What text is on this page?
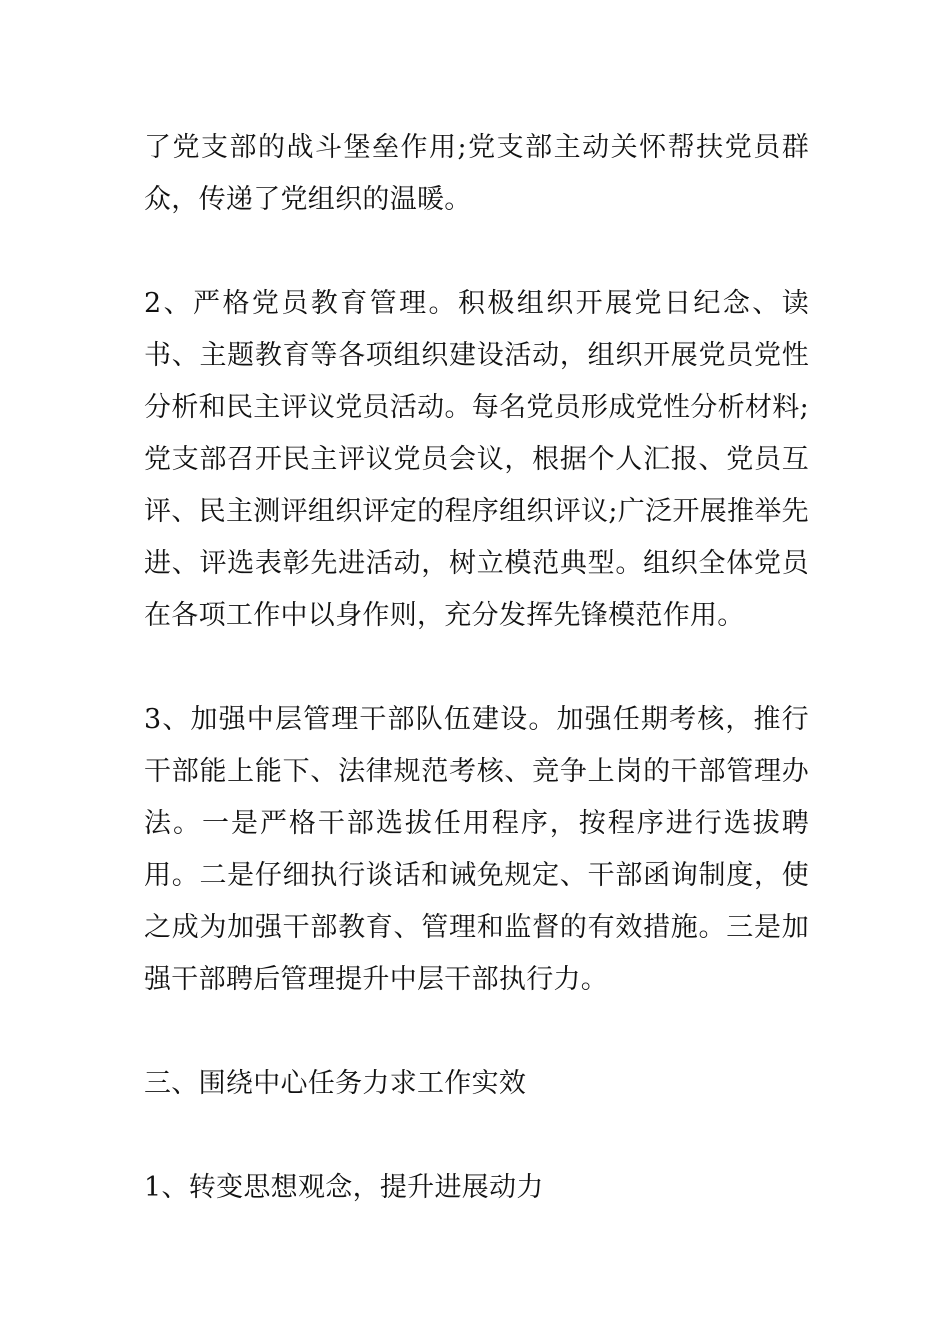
了党支部的战斗堡垒作用;党支部主动关怀帮扶党员群众，传递了党组织的温暖。

2、严格党员教育管理。积极组织开展党日纪念、读书、主题教育等各项组织建设活动，组织开展党员党性分析和民主评议党员活动。每名党员形成党性分析材料;党支部召开民主评议党员会议，根据个人汇报、党员互评、民主测评组织评定的程序组织评议;广泛开展推举先进、评选表彰先进活动，树立模范典型。组织全体党员在各项工作中以身作则，充分发挥先锋模范作用。

3、加强中层管理干部队伍建设。加强任期考核，推行干部能上能下、法律规范考核、竞争上岗的干部管理办法。一是严格干部选拔任用程序，按程序进行选拔聘用。二是仔细执行谈话和诫免规定、干部函询制度，使之成为加强干部教育、管理和监督的有效措施。三是加强干部聘后管理提升中层干部执行力。

三、围绕中心任务力求工作实效

1、转变思想观念，提升进展动力
